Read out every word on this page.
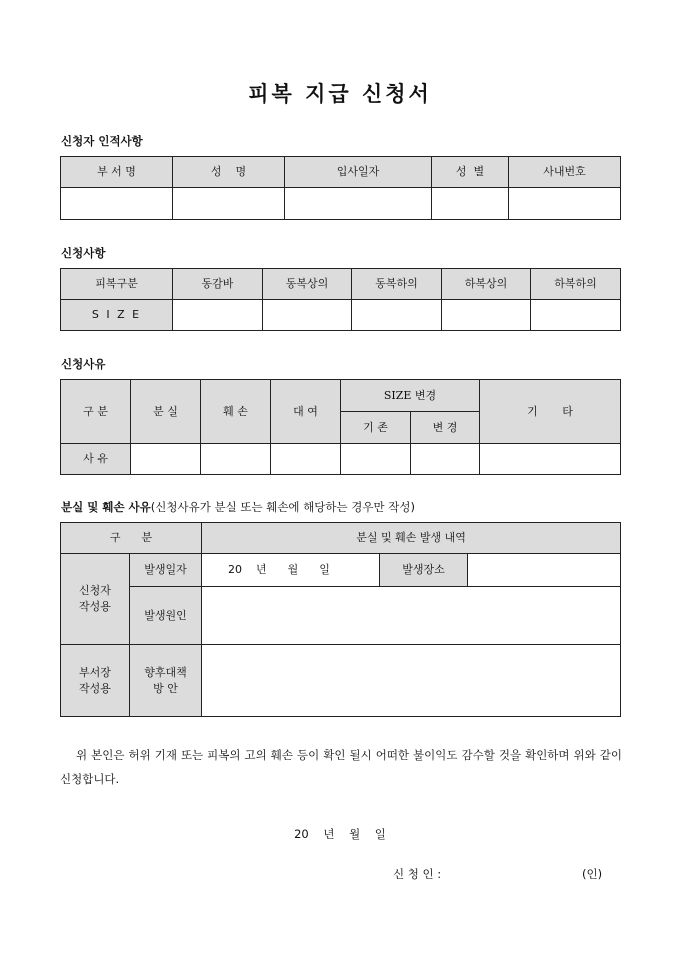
피복 지급 신청서
신청자 인적사항
부 서 명	성    명	입사일자	성  별	사내번호

신청사항
피복구분	동감바	동복상의	동복하의	하복상의	하복하의
S I Z E					
신청사유
구 분	분 실	훼 손	대 여	SIZE 변경		기       타
				기 존	변 경	
사 유						
분실 및 훼손 사유(신청사유가 분실 또는 훼손에 해당하는 경우만 작성)
구      분		분실 및 훼손 발생 내역		
신청자
작성용	발생일자	20    년      월      일	발생장소	
	발생원인			
부서장
작성용	향후대책
방 안			
위 본인은 허위 기재 또는 피복의 고의 훼손 등이 확인 될시 어떠한 불이익도 감수할 것을 확인하며 위와 같이 신청합니다.
20    년    월    일
신 청 인 :	(인)
